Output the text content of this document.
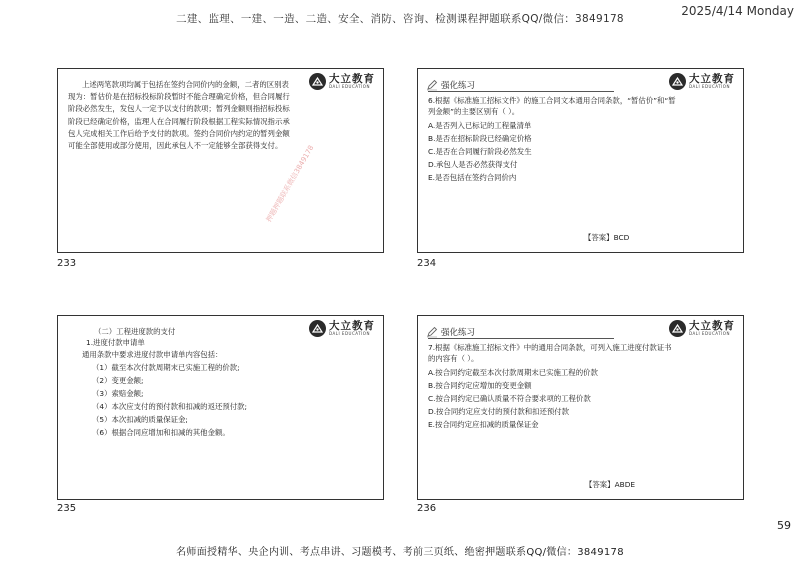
二建、监理、一建、一造、二造、安全、消防、咨询、检测课程押题联系QQ/微信：3849178
2025/4/14 Monday
大立教育
DALI EDUCATION
上述两笔款项均属于包括在签约合同价内的金额，二者的区别表现为：暂估价是在招标投标阶段暂时不能合理确定价格，但合同履行阶段必然发生，发包人一定予以支付的款项；暂列金额则指招标投标阶段已经确定价格，监理人在合同履行阶段根据工程实际情况指示承包人完成相关工作后给予支付的款项。签约合同价内约定的暂列金额可能全部使用或部分使用，因此承包人不一定能够全部获得支付。
押题押题联系微信3849178
233
大立教育
DALI EDUCATION
强化练习
6.根据《标准施工招标文件》的施工合同文本通用合同条款，“暂估价”和“暂列金额”的主要区别有（ ）。
A.是否列入已标记的工程量清单
B.是否在招标阶段已经确定价格
C.是否在合同履行阶段必然发生
D.承包人是否必然获得支付
E.是否包括在签约合同价内
【答案】BCD
234
大立教育
DALI EDUCATION
（二）工程进度款的支付
1.进度付款申请单
通用条款中要求进度付款申请单内容包括：
（1）截至本次付款周期末已实施工程的价款;
（2）变更金额;
（3）索赔金额;
（4）本次应支付的预付款和扣减的返还预付款;
（5）本次扣减的质量保证金;
（6）根据合同应增加和扣减的其他金额。
235
大立教育
DALI EDUCATION
强化练习
7.根据《标准施工招标文件》中的通用合同条款，可列入施工进度付款证书的内容有（ ）。
A.按合同约定截至本次付款周期末已实施工程的价款
B.按合同约定应增加的变更金额
C.按合同约定已确认质量不符合要求项的工程价款
D.按合同约定应支付的预付款和扣还预付款
E.按合同约定应扣减的质量保证金
【答案】ABDE
236
59
名师面授精华、央企内训、考点串讲、习题模考、考前三页纸、绝密押题联系QQ/微信：3849178
